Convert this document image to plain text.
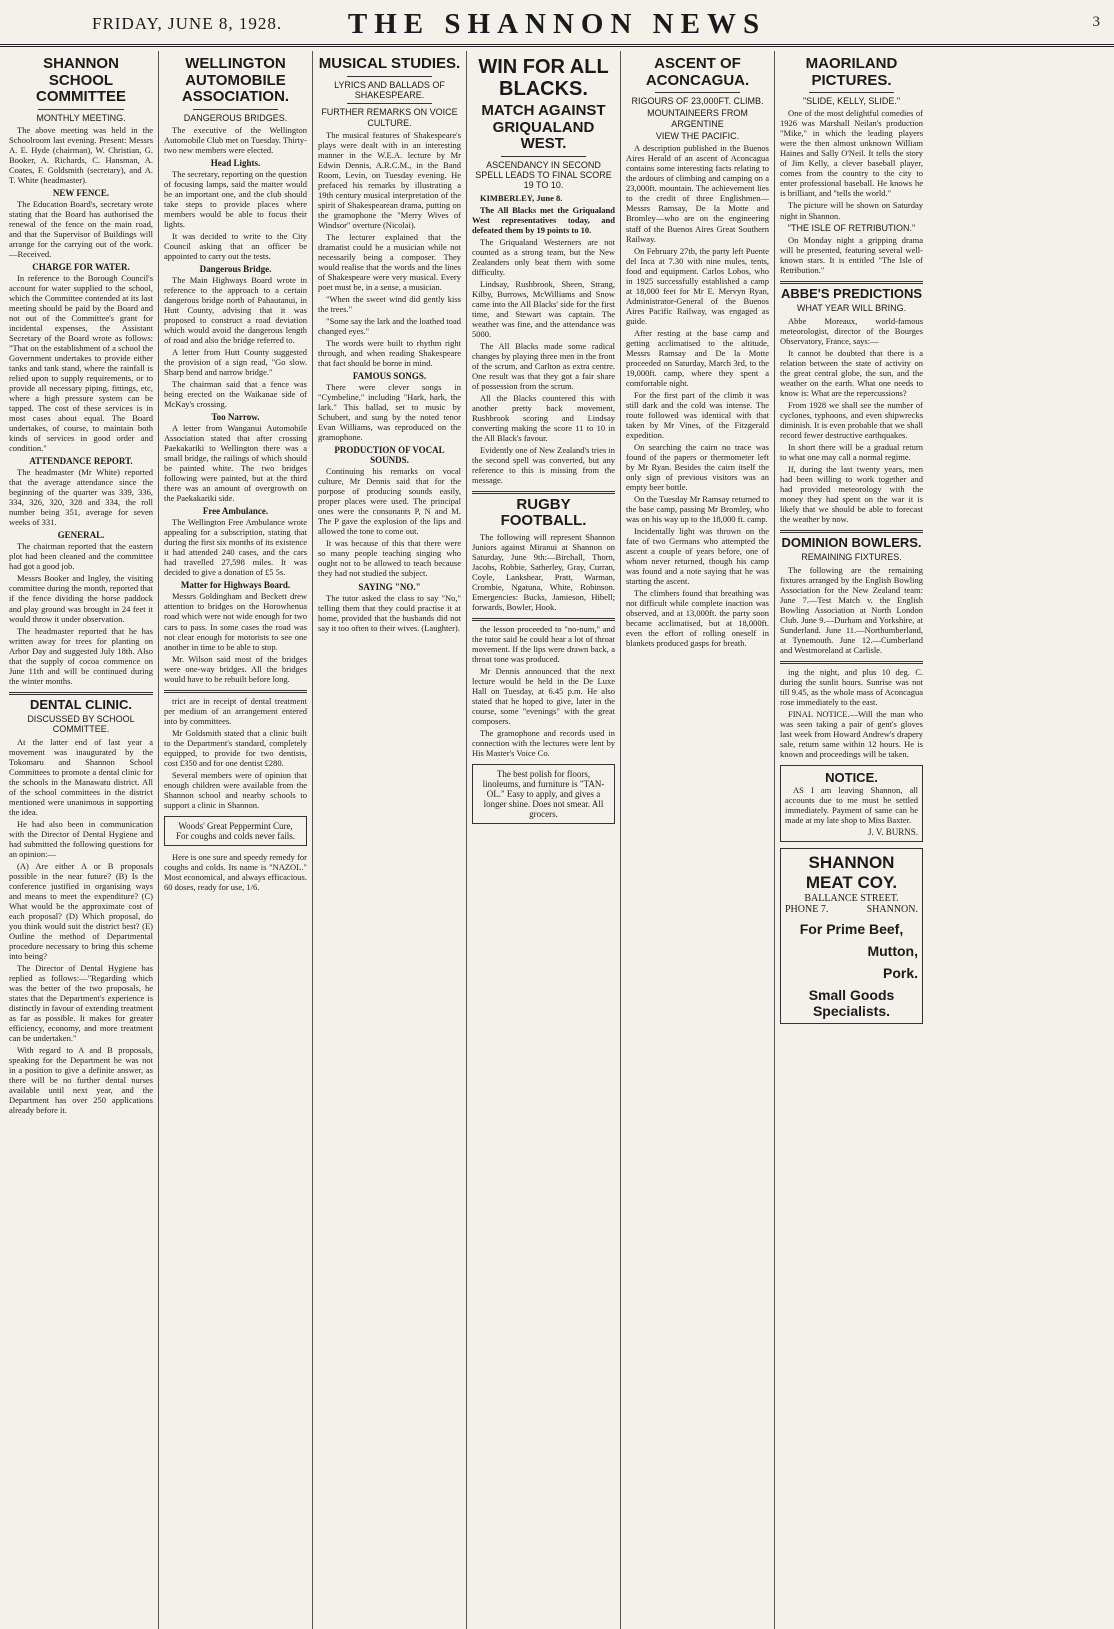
FRIDAY, JUNE 8, 1928.	THE SHANNON NEWS	3
SHANNON SCHOOL COMMITTEE
MONTHLY MEETING.

The above meeting was held in the Schoolroom last evening. Present: Messrs A. E. Hyde (chairman), W. Christian, G. Booker, A. Richards, C. Hansman, A. Coates, F. Goldsmith (secretary), and A. T. White (headmaster).

NEW FENCE.

The Education Board's, secretary wrote stating that the Board has authorised the renewal of the fence on the main road, and that the Supervisor of Buildings will arrange for the carrying out of the work.—Received.

CHARGE FOR WATER.

In reference to the Borough Council's account for water supplied to the school, which the Committee contended at its last meeting should be paid by the Board and not out of the Committee's grant for incidental expenses, the Assistant Secretary of the Board wrote as follows: "That on the establishment of a school the Government undertakes to provide either tanks and tank stand, where the rainfall is relied upon to supply requirements, or to provide all necessary piping, fittings, etc, where a high pressure system can be tapped. The cost of these services is in most cases about equal. The Board undertakes, of course, to maintain both kinds of services in good order and condition."

ATTENDANCE REPORT.

The headmaster (Mr White) reported that the average attendance since the beginning of the quarter was 339, 336, 334, 326, 320, 328 and 334, the roll number being 351, average for seven weeks of 331.

GENERAL.

The chairman reported that the eastern plot had been cleaned and the committee had got a good job.

Messrs Booker and Ingley, the visiting committee during the month, reported that if the fence dividing the horse paddock and play ground was brought in 24 feet it would throw it under observation.

The headmaster reported that he has written away for trees for planting on Arbor Day and suggested July 18th. Also that the supply of cocoa commence on June 11th and will be continued during the winter months.

DENTAL CLINIC.
DISCUSSED BY SCHOOL COMMITTEE.

At the latter end of last year a movement was inaugurated by the Tokomaru and Shannon School Committees to promote a dental clinic for the schools in the Manawatu district. All of the school committees in the district mentioned were unanimous in supporting the idea.

He had also been in communication with the Director of Dental Hygiene and had submitted the following questions for an opinion:—

(A) Are either A or B proposals possible in the near future? (B) Is the conference justified in organising ways and means to meet the expenditure? (C) What would be the approximate cost of each proposal? (D) Which proposal, do you think would suit the district best? (E) Outline the method of Departmental procedure necessary to bring this scheme into being?

The Director of Dental Hygiene has replied as follows:—"Regarding which was the better of the two proposals, he states that the Department's experience is distinctly in favour of extending treatment as far as possible. It makes for greater efficiency, economy, and more treatment can be undertaken."

With regard to A and B proposals, speaking for the Department he was not in a position to give a definite answer, as there will be no further dental nurses available until next year, and the Department has over 250 applications already before it.

WELLINGTON AUTOMOBILE ASSOCIATION.
DANGEROUS BRIDGES.

The executive of the Wellington Automobile Club met on Tuesday. Thirty-two new members were elected.

Head Lights.

The secretary, reporting on the question of focusing lamps, said the matter would be an important one, and the club should take steps to provide places where members would be able to focus their lights.

It was decided to write to the City Council asking that an officer be appointed to carry out the tests.

Dangerous Bridge.

The Main Highways Board wrote in reference to the approach to a certain dangerous bridge north of Pahautanui, in Hutt County, advising that it was proposed to construct a road deviation which would avoid the dangerous length of road and also the bridge referred to.

A letter from Hutt County suggested the provision of a sign read, "Go slow. Sharp bend and narrow bridge."

The chairman said that a fence was being erected on the Waikanae side of McKay's crossing.

Too Narrow.

A letter from Wanganui Automobile Association stated that after crossing Paekakariki to Wellington there was a small bridge, the railings of which should be painted white. The two bridges following were painted, but at the third there was an amount of overgrowth on the Paekakariki side.

Free Ambulance.

The Wellington Free Ambulance wrote appealing for a subscription, stating that during the first six months of its existence it had attended 240 cases, and the cars had travelled 27,598 miles. It was decided to give a donation of £5 5s.

Matter for Highways Board.

Messrs Goldingham and Beckett drew attention to bridges on the Horowhenua road which were not wide enough for two cars to pass. In some cases the road was not clear enough for motorists to see one another in time to be able to stop.

Mr. Wilson said most of the bridges were one-way bridges. All the bridges would have to be rebuilt before long.

trict are in receipt of dental treatment per medium of an arrangement entered into by committees.

Mr Goldsmith stated that a clinic built to the Department's standard, completely equipped, to provide for two dentists, cost £350 and for one dentist £280.

Several members were of opinion that enough children were available from the Shannon school and nearby schools to support a clinic in Shannon.

Woods' Great Peppermint Cure,
For coughs and colds never fails.

Here is one sure and speedy remedy for coughs and colds. Its name is "NAZOL." Most economical, and always efficacious. 60 doses, ready for use, 1/6.

MUSICAL STUDIES.
LYRICS AND BALLADS OF SHAKESPEARE.
FURTHER REMARKS ON VOICE CULTURE.

The musical features of Shakespeare's plays were dealt with in an interesting manner in the W.E.A. lecture by Mr Edwin Dennis, A.R.C.M., in the Band Room, Levin, on Tuesday evening. He prefaced his remarks by illustrating a 19th century musical interpretation of the spirit of Shakespearean drama, putting on the gramophone the "Merry Wives of Windsor" overture (Nicolai).

The lecturer explained that the dramatist could be a musician while not necessarily being a composer. They would realise that the words and the lines of Shakespeare were very musical. Every poet must be, in a sense, a musician.

"When the sweet wind did gently kiss the trees."

"Some say the lark and the loathed toad changed eyes."

The words were built to rhythm right through, and when reading Shakespeare that fact should be borne in mind.

FAMOUS SONGS.

There were clever songs in "Cymbeline," including "Hark, hark, the lark." This ballad, set to music by Schubert, and sung by the noted tenor Evan Williams, was reproduced on the gramophone.

PRODUCTION OF VOCAL SOUNDS.

Continuing his remarks on vocal culture, Mr Dennis said that for the purpose of producing sounds easily, proper places were used. The principal ones were the consonants P, N and M. The P gave the explosion of the lips and allowed the tone to come out.

It was because of this that there were so many people teaching singing who ought not to be allowed to teach because they had not studied the subject.

SAYING "NO."

The tutor asked the class to say "No," telling them that they could practise it at home, provided that the husbands did not say it too often to their wives. (Laughter).

WIN FOR ALL BLACKS.
MATCH AGAINST GRIQUALAND WEST.
ASCENDANCY IN SECOND SPELL LEADS TO FINAL SCORE 19 TO 10.

KIMBERLEY, June 8.

The All Blacks met the Griqualand West representatives today, and defeated them by 19 points to 10.

The Griqualand Westerners are not counted as a strong team, but the New Zealanders only beat them with some difficulty.

Lindsay, Rushbrook, Sheen, Strang, Kilby, Burrows, McWilliams and Snow came into the All Blacks' side for the first time, and Stewart was captain. The weather was fine, and the attendance was 5000.

The All Blacks made some radical changes by playing three men in the front of the scrum, and Carlton as extra centre. One result was that they got a fair share of possession from the scrum.

All the Blacks countered this with another pretty back movement, Rushbrook scoring and Lindsay converting making the score 11 to 10 in the All Black's favour.

Evidently one of New Zealand's tries in the second spell was converted, but any reference to this is missing from the message.

RUGBY FOOTBALL.

The following will represent Shannon Juniors against Miranui at Shannon on Saturday, June 9th:—Birchall, Thorn, Jacobs, Robbie, Satherley, Gray, Curran, Coyle, Lankshear, Pratt, Warman, Crombie, Ngatuna, White, Robinson. Emergencies: Bucks, Jamieson, Hibell; forwards, Bowler, Hook.

the lesson proceeded to "no-num," and the tutor said he could hear a lot of throat movement. If the lips were drawn back, a throat tone was produced.

Mr Dennis announced that the next lecture would be held in the De Luxe Hall on Tuesday, at 6.45 p.m. He also stated that he hoped to give, later in the course, some "evenings" with the great composers.

The gramophone and records used in connection with the lectures were lent by His Master's Voice Co.

The best polish for floors, linoleums, and furniture is "TAN-OL." Easy to apply, and gives a longer shine. Does not smear. All grocers.
ASCENT OF ACONCAGUA.
RIGOURS OF 23,000FT. CLIMB.
MOUNTAINEERS FROM ARGENTINE
VIEW THE PACIFIC.

A description published in the Buenos Aires Herald of an ascent of Aconcagua contains some interesting facts relating to the ardours of climbing and camping on a 23,000ft. mountain. The achievement lies to the credit of three Englishmen—Messrs Ramsay, De la Motte and Bromley—who are on the engineering staff of the Buenos Aires Great Southern Railway.

On February 27th, the party left Puente del Inca at 7.30 with nine mules, tents, food and equipment. Carlos Lobos, who in 1925 successfully established a camp at 18,000 feet for Mr E. Mervyn Ryan, Administrator-General of the Buenos Aires Pacific Railway, was engaged as guide.

After resting at the base camp and getting acclimatised to the altitude, Messrs Ramsay and De la Motte proceeded on Saturday, March 3rd, to the 19,000ft. camp, where they spent a comfortable night.

For the first part of the climb it was still dark and the cold was intense. The route followed was identical with that taken by Mr Vines, of the Fitzgerald expedition.

On searching the cairn no trace was found of the papers or thermometer left by Mr Ryan. Besides the cairn itself the only sign of previous visitors was an empty beer bottle.

On the Tuesday Mr Ramsay returned to the base camp, passing Mr Bromley, who was on his way up to the 18,000 ft. camp.

Incidentally light was thrown on the fate of two Germans who attempted the ascent a couple of years before, one of whom never returned, though his camp was found and a note saying that he was starting the ascent.

The climbers found that breathing was not difficult while complete inaction was observed, and at 13,000ft. the party soon became acclimatised, but at 18,000ft. even the effort of rolling oneself in blankets produced gasps for breath.

MAORILAND PICTURES.
"SLIDE, KELLY, SLIDE."

One of the most delightful comedies of 1926 was Marshall Neilan's production "Mike," in which the leading players were the then almost unknown William Haines and Sally O'Neil. It tells the story of Jim Kelly, a clever baseball player, comes from the country to the city to enter professional baseball. He knows he is brilliant, and "tells the world."

The picture will be shown on Saturday night in Shannon.

"THE ISLE OF RETRIBUTION."

On Monday night a gripping drama will be presented, featuring several well-known stars. It is entitled "The Isle of Retribution."

ABBE'S PREDICTIONS
WHAT YEAR WILL BRING.

Abbe Moreaux, world-famous meteorologist, director of the Bourges Observatory, France, says:—

It cannot be doubted that there is a relation between the state of activity on the great central globe, the sun, and the weather on the earth. What one needs to know is: What are the repercussions?

From 1928 we shall see the number of cyclones, typhoons, and even shipwrecks diminish. It is even probable that we shall record fewer destructive earthquakes.

In short there will be a gradual return to what one may call a normal regime.

If, during the last twenty years, men had been willing to work together and had provided meteorology with the money they had spent on the war it is likely that we should be able to forecast the weather by now.

DOMINION BOWLERS.
REMAINING FIXTURES.

The following are the remaining fixtures arranged by the English Bowling Association for the New Zealand team: June 7.—Test Match v. the English Bowling Association at North London Club. June 9.—Durham and Yorkshire, at Sunderland. June 11.—Northumberland, at Tynemouth. June 12.—Cumberland and Westmoreland at Carlisle.

ing the night, and plus 10 deg. C. during the sunlit hours. Sunrise was not till 9.45, as the whole mass of Aconcagua rose immediately to the east.

FINAL NOTICE.—Will the man who was seen taking a pair of gent's gloves last week from Howard Andrew's drapery sale, return same within 12 hours. He is known and proceedings will be taken.

NOTICE.

AS I am leaving Shannon, all accounts due to me must be settled immediately. Payment of same can be made at my late shop to Miss Baxter.

J. V. BURNS.
SHANNON MEAT COY.
BALLANCE STREET.
PHONE 7.	SHANNON.
For Prime Beef,
Mutton,
Pork.
Small Goods Specialists.
